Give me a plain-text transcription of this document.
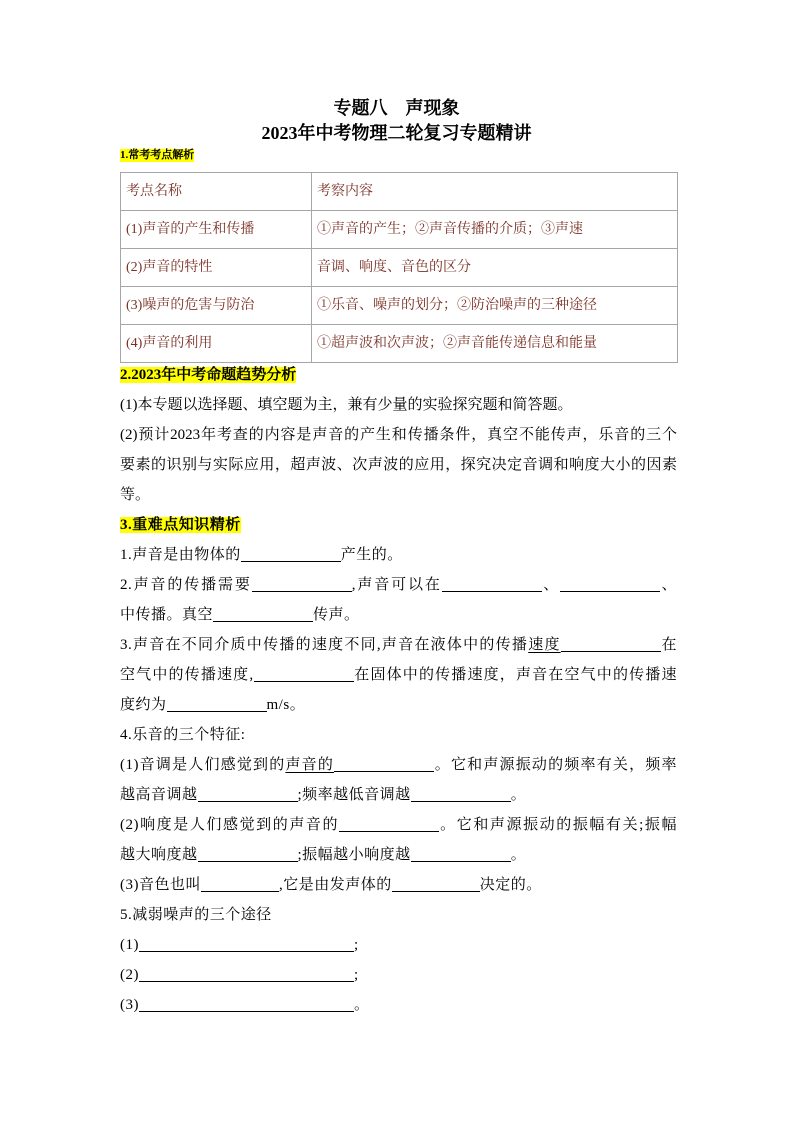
专题八　声现象
2023年中考物理二轮复习专题精讲
1.常考考点解析
考点名称	考察内容
(1)声音的产生和传播	①声音的产生；②声音传播的介质；③声速
(2)声音的特性	音调、响度、音色的区分
(3)噪声的危害与防治	①乐音、噪声的划分；②防治噪声的三种途径
(4)声音的利用	①超声波和次声波；②声音能传递信息和能量
2.2023年中考命题趋势分析
(1)本专题以选择题、填空题为主，兼有少量的实验探究题和简答题。
(2)预计2023年考查的内容是声音的产生和传播条件，真空不能传声，乐音的三个
要素的识别与实际应用，超声波、次声波的应用，探究决定音调和响度大小的因素
等。
3.重难点知识精析
1.声音是由物体的	产生的。
2.声音的传播需要	,声音可以在	、	、
中传播。真空	传声。
3.声音在不同介质中传播的速度不同,声音在液体中的传播速度	在
空气中的传播速度,	在固体中的传播速度，声音在空气中的传播速
度约为	m/s。
4.乐音的三个特征:
(1)音调是人们感觉到的声音的	。它和声源振动的频率有关，频率
越高音调越	;频率越低音调越	。
(2)响度是人们感觉到的声音的	。它和声源振动的振幅有关;振幅
越大响度越	;振幅越小响度越	。
(3)音色也叫	,它是由发声体的	决定的。
5.减弱噪声的三个途径
(1)	;
(2)	;
(3)	。
